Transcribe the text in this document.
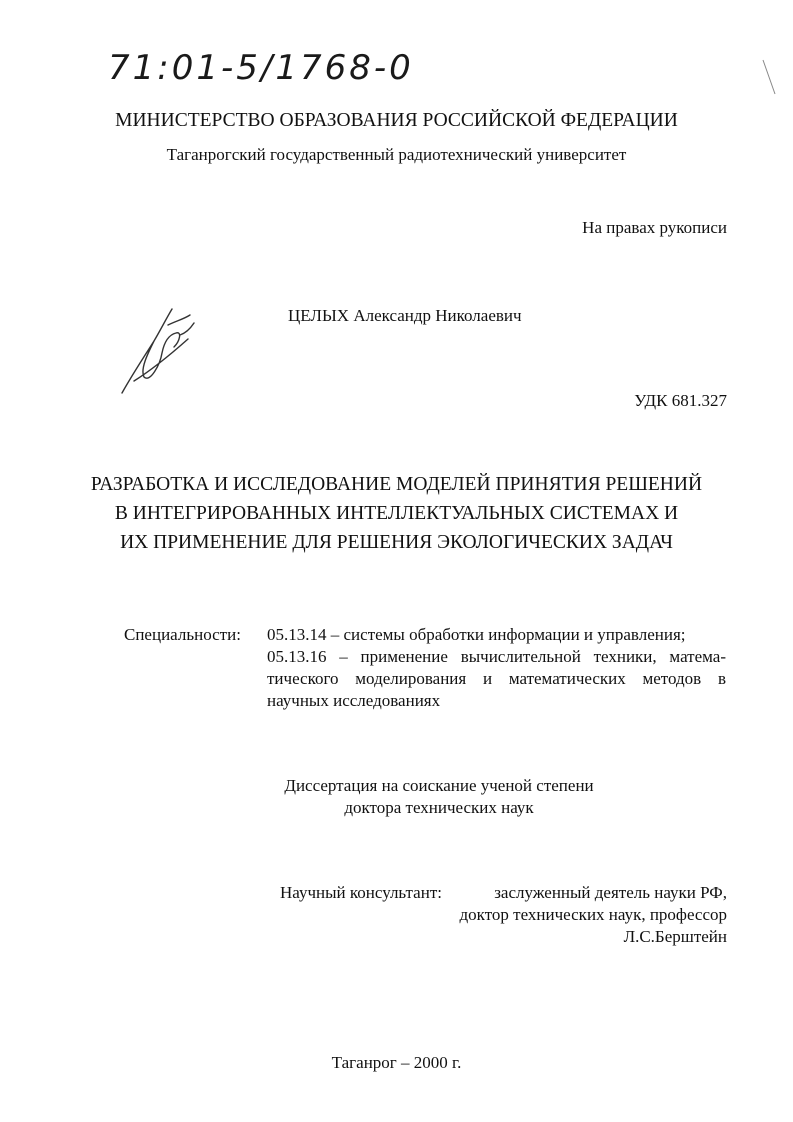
71:01-5/1768-0
МИНИСТЕРСТВО ОБРАЗОВАНИЯ РОССИЙСКОЙ ФЕДЕРАЦИИ
Таганрогский государственный радиотехнический университет
На правах рукописи
ЦЕЛЫХ Александр Николаевич
УДК 681.327
РАЗРАБОТКА И ИССЛЕДОВАНИЕ МОДЕЛЕЙ ПРИНЯТИЯ РЕШЕНИЙ
В ИНТЕГРИРОВАННЫХ ИНТЕЛЛЕКТУАЛЬНЫХ СИСТЕМАХ И
ИХ ПРИМЕНЕНИЕ ДЛЯ РЕШЕНИЯ ЭКОЛОГИЧЕСКИХ ЗАДАЧ
Специальности: 05.13.14 – системы обработки информации и управления;
05.13.16 – применение вычислительной техники, матема-
тического моделирования и математических методов в
научных исследованиях
Диссертация на соискание ученой степени
доктора технических наук
Научный консультант:	заслуженный деятель науки РФ,
доктор технических наук, профессор
Л.С.Берштейн
Таганрог – 2000 г.
